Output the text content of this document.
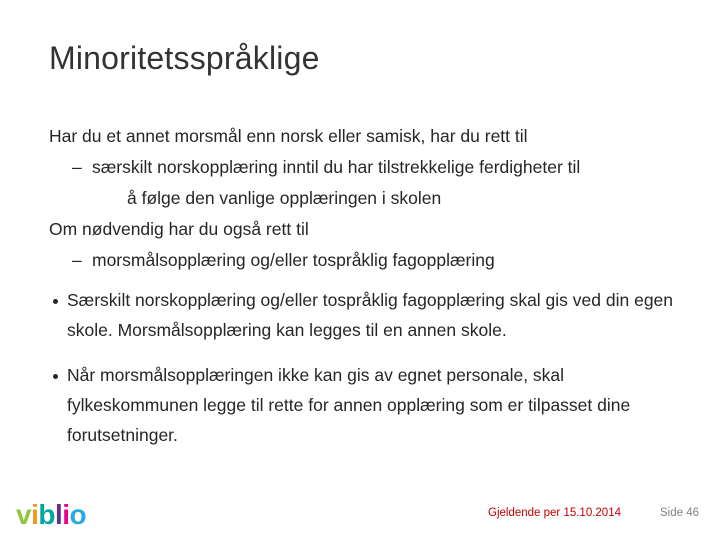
Minoritetsspråklige
Har du et annet morsmål enn norsk eller samisk, har du rett til
– særskilt norskopplæring inntil du har tilstrekkelige ferdigheter til
å følge den vanlige opplæringen i skolen
Om nødvendig har du også rett til
– morsmålsopplæring og/eller tospråklig fagopplæring
Særskilt norskopplæring og/eller tospråklig fagopplæring skal gis ved din egen skole. Morsmålsopplæring kan legges til en annen skole.
Når morsmålsopplæringen ikke kan gis av egnet personale, skal fylkeskommunen legge til rette for annen opplæring som er tilpasset dine forutsetninger.
viblio	Gjeldende per 15.10.2014	Side 46
